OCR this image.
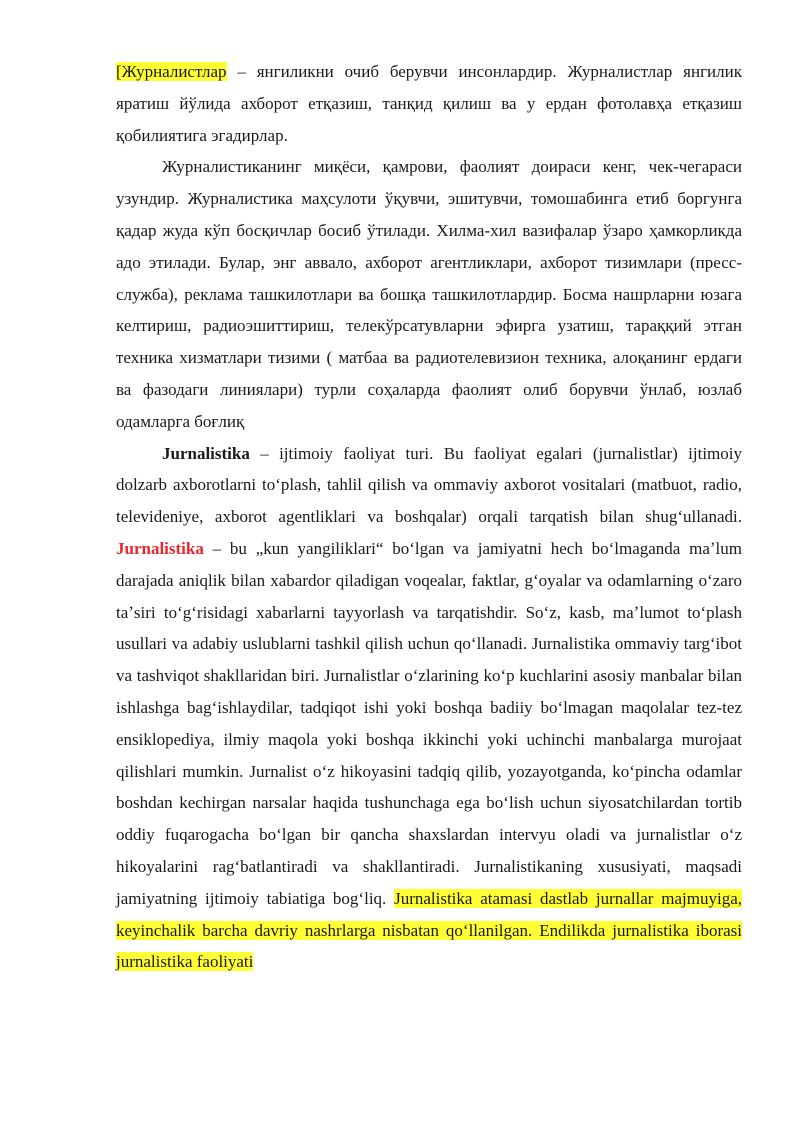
[Журналистлар – янгиликни очиб берувчи инсонлардир. Журналистлар янгилик яратиш йўлида ахборот етқазиш, танқид қилиш ва у ердан фотолавҳа етқазиш қобилиятига эгадирлар.

Журналистиканинг миқёси, қамрови, фаолият доираси кенг, чек-чегараси узундир. Журналистика маҳсулоти ўқувчи, эшитувчи, томошабинга етиб боргунга қадар жуда кўп босқичлар босиб ўтилади. Хилма-хил вазифалар ўзаро ҳамкорликда адо этилади. Булар, энг аввало, ахборот агентликлари, ахборот тизимлари (пресс-служба), реклама ташкилотлари ва бошқа ташкилотлардир. Босма нашрларни юзага келтириш, радиоэшиттириш, телекўрсатувларни эфирга узатиш, тараққий этган техника хизматлари тизими ( матбаа ва радиотелевизион техника, алоқанинг ердаги ва фазодаги линиялари) турли соҳаларда фаолият олиб борувчи ўнлаб, юзлаб одамларга боғлиқ

Jurnalistika – ijtimoiy faoliyat turi. Bu faoliyat egalari (jurnalistlar) ijtimoiy dolzarb axborotlarni toʻplash, tahlil qilish va ommaviy axborot vositalari (matbuot, radio, televideniye, axborot agentliklari va boshqalar) orqali tarqatish bilan shugʻullanadi. Jurnalistika – bu „kun yangiliklari“ boʻlgan va jamiyatni hech boʻlmaganda maʼlum darajada aniqlik bilan xabardor qiladigan voqealar, faktlar, gʻoyalar va odamlarning oʻzaro taʼsiri toʻgʻrisidagi xabarlarni tayyorlash va tarqatishdir. Soʻz, kasb, maʼlumot toʻplash usullari va adabiy uslublarni tashkil qilish uchun qoʻllanadi. Jurnalistika ommaviy targʻibot va tashviqot shakllaridan biri. Jurnalistlar oʻzlarining koʻp kuchlarini asosiy manbalar bilan ishlashga bagʻishlaydilar, tadqiqot ishi yoki boshqa badiiy boʻlmagan maqolalar tez-tez ensiklopediya, ilmiy maqola yoki boshqa ikkinchi yoki uchinchi manbalarga murojaat qilishlari mumkin. Jurnalist oʻz hikoyasini tadqiq qilib, yozayotganda, koʻpincha odamlar boshdan kechirgan narsalar haqida tushunchaga ega boʻlish uchun siyosatchilardan tortib oddiy fuqarogacha boʻlgan bir qancha shaxslardan intervyu oladi va jurnalistlar oʻz hikoyalarini ragʻbatlantiradi va shakllantiradi. Jurnalistikaning xususiyati, maqsadi jamiyatning ijtimoiy tabiatiga bogʻliq. Jurnalistika atamasi dastlab jurnallar majmuyiga, keyinchalik barcha davriy nashrlarga nisbatan qoʻllanilgan. Endilikda jurnalistika iborasi jurnalistika faoliyati
